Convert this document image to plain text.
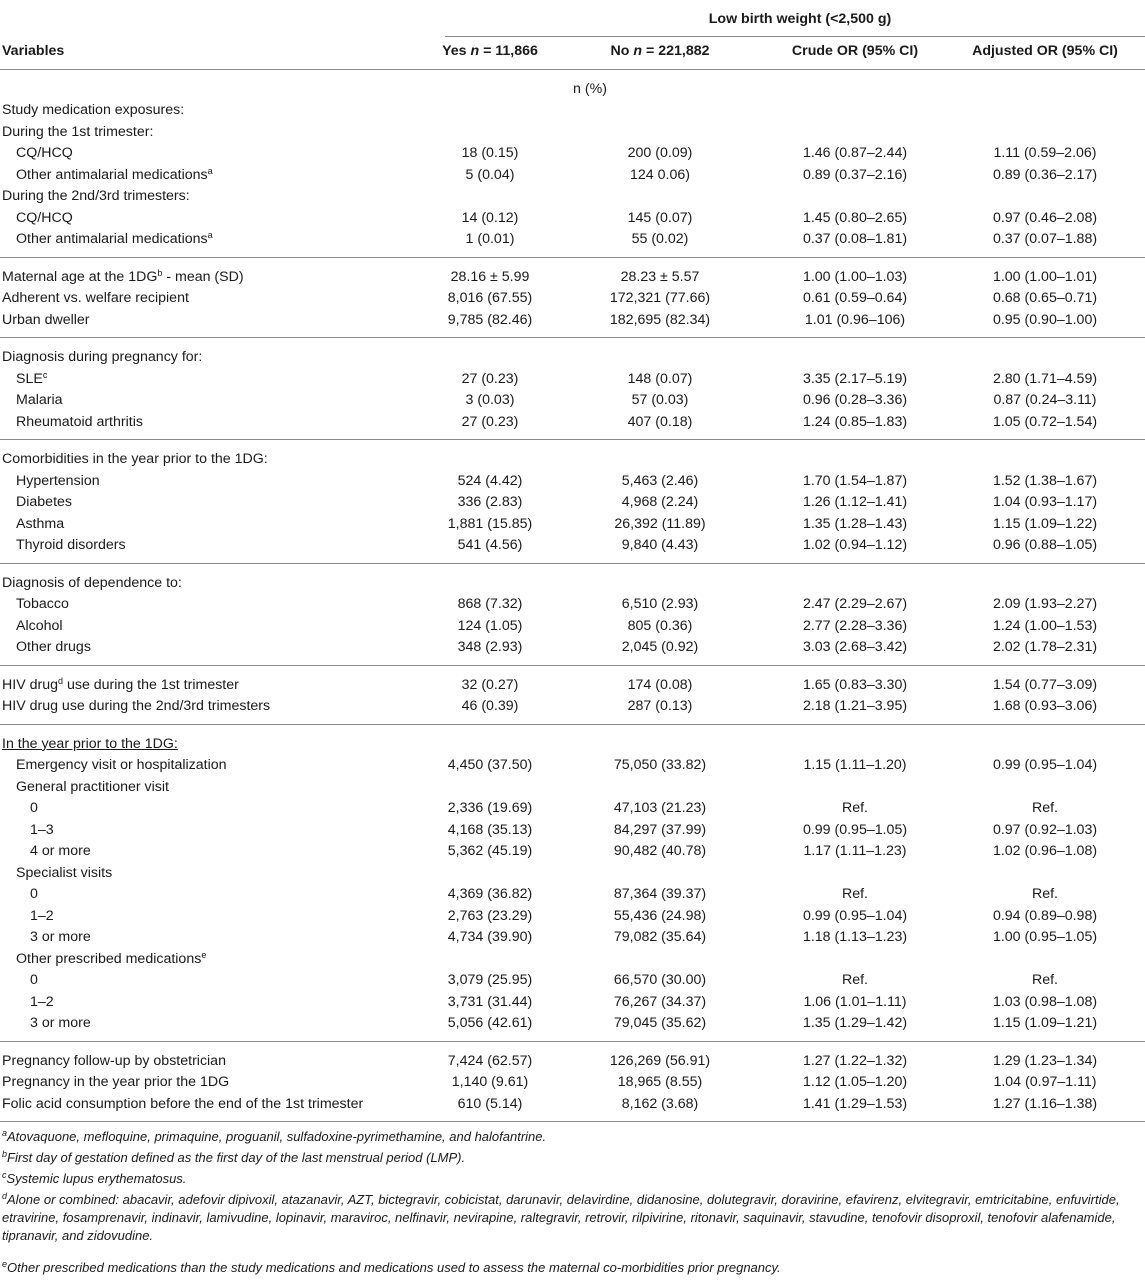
Low birth weight (<2,500 g)
Variables	Yes n = 11,866	No n = 221,882	Crude OR (95% CI)	Adjusted OR (95% CI)
n (%)
Study medication exposures:
During the 1st trimester:
CQ/HCQ	18 (0.15)	200 (0.09)	1.46 (0.87–2.44)	1.11 (0.59–2.06)
Other antimalarial medications$^a$	5 (0.04)	124 0.06)	0.89 (0.37–2.16)	0.89 (0.36–2.17)
During the 2nd/3rd trimesters:
CQ/HCQ	14 (0.12)	145 (0.07)	1.45 (0.80–2.65)	0.97 (0.46–2.08)
Other antimalarial medications$^a$	1 (0.01)	55 (0.02)	0.37 (0.08–1.81)	0.37 (0.07–1.88)
Maternal age at the $1DG^b$ - mean (SD)	28.16 ± 5.99	28.23 ± 5.57	1.00 (1.00–1.03)	1.00 (1.00–1.01)
Adherent vs. welfare recipient	8,016 (67.55)	172,321 (77.66)	0.61 (0.59–0.64)	0.68 (0.65–0.71)
Urban dweller	9,785 (82.46)	182,695 (82.34)	1.01 (0.96–106)	0.95 (0.90–1.00)
Diagnosis during pregnancy for:
SLE$^c$	27 (0.23)	148 (0.07)	3.35 (2.17–5.19)	2.80 (1.71–4.59)
Malaria	3 (0.03)	57 (0.03)	0.96 (0.28–3.36)	0.87 (0.24–3.11)
Rheumatoid arthritis	27 (0.23)	407 (0.18)	1.24 (0.85–1.83)	1.05 (0.72–1.54)
Comorbidities in the year prior to the 1DG:
Hypertension	524 (4.42)	5,463 (2.46)	1.70 (1.54–1.87)	1.52 (1.38–1.67)
Diabetes	336 (2.83)	4,968 (2.24)	1.26 (1.12–1.41)	1.04 (0.93–1.17)
Asthma	1,881 (15.85)	26,392 (11.89)	1.35 (1.28–1.43)	1.15 (1.09–1.22)
Thyroid disorders	541 (4.56)	9,840 (4.43)	1.02 (0.94–1.12)	0.96 (0.88–1.05)
Diagnosis of dependence to:
Tobacco	868 (7.32)	6,510 (2.93)	2.47 (2.29–2.67)	2.09 (1.93–2.27)
Alcohol	124 (1.05)	805 (0.36)	2.77 (2.28–3.36)	1.24 (1.00–1.53)
Other drugs	348 (2.93)	2,045 (0.92)	3.03 (2.68–3.42)	2.02 (1.78–2.31)
HIV drug$^d$ use during the 1st trimester	32 (0.27)	174 (0.08)	1.65 (0.83–3.30)	1.54 (0.77–3.09)
HIV drug use during the 2nd/3rd trimesters	46 (0.39)	287 (0.13)	2.18 (1.21–3.95)	1.68 (0.93–3.06)
In the year prior to the 1DG:
Emergency visit or hospitalization	4,450 (37.50)	75,050 (33.82)	1.15 (1.11–1.20)	0.99 (0.95–1.04)
General practitioner visit
0	2,336 (19.69)	47,103 (21.23)	Ref.	Ref.
1–3	4,168 (35.13)	84,297 (37.99)	0.99 (0.95–1.05)	0.97 (0.92–1.03)
4 or more	5,362 (45.19)	90,482 (40.78)	1.17 (1.11–1.23)	1.02 (0.96–1.08)
Specialist visits
0	4,369 (36.82)	87,364 (39.37)	Ref.	Ref.
1–2	2,763 (23.29)	55,436 (24.98)	0.99 (0.95–1.04)	0.94 (0.89–0.98)
3 or more	4,734 (39.90)	79,082 (35.64)	1.18 (1.13–1.23)	1.00 (0.95–1.05)
Other prescribed medications$^e$
0	3,079 (25.95)	66,570 (30.00)	Ref.	Ref.
1–2	3,731 (31.44)	76,267 (34.37)	1.06 (1.01–1.11)	1.03 (0.98–1.08)
3 or more	5,056 (42.61)	79,045 (35.62)	1.35 (1.29–1.42)	1.15 (1.09–1.21)
Pregnancy follow-up by obstetrician	7,424 (62.57)	126,269 (56.91)	1.27 (1.22–1.32)	1.29 (1.23–1.34)
Pregnancy in the year prior the 1DG	1,140 (9.61)	18,965 (8.55)	1.12 (1.05–1.20)	1.04 (0.97–1.11)
Folic acid consumption before the end of the 1st trimester	610 (5.14)	8,162 (3.68)	1.41 (1.29–1.53)	1.27 (1.16–1.38)
$^a$Atovaquone, mefloquine, primaquine, proguanil, sulfadoxine-pyrimethamine, and halofantrine.
$^b$First day of gestation defined as the first day of the last menstrual period (LMP).
$^c$Systemic lupus erythematosus.
$^d$Alone or combined: abacavir, adefovir dipivoxil, atazanavir, AZT, bictegravir, cobicistat, darunavir, delavirdine, didanosine, dolutegravir, doravirine, efavirenz, elvitegravir, emtricitabine, enfuvirtide, etravirine, fosamprenavir, indinavir, lamivudine, lopinavir, maraviroc, nelfinavir, nevirapine, raltegravir, retrovir, rilpivirine, ritonavir, saquinavir, stavudine, tenofovir disoproxil, tenofovir alafenamide, tipranavir, and zidovudine.
$^e$Other prescribed medications than the study medications and medications used to assess the maternal co-morbidities prior pregnancy.
